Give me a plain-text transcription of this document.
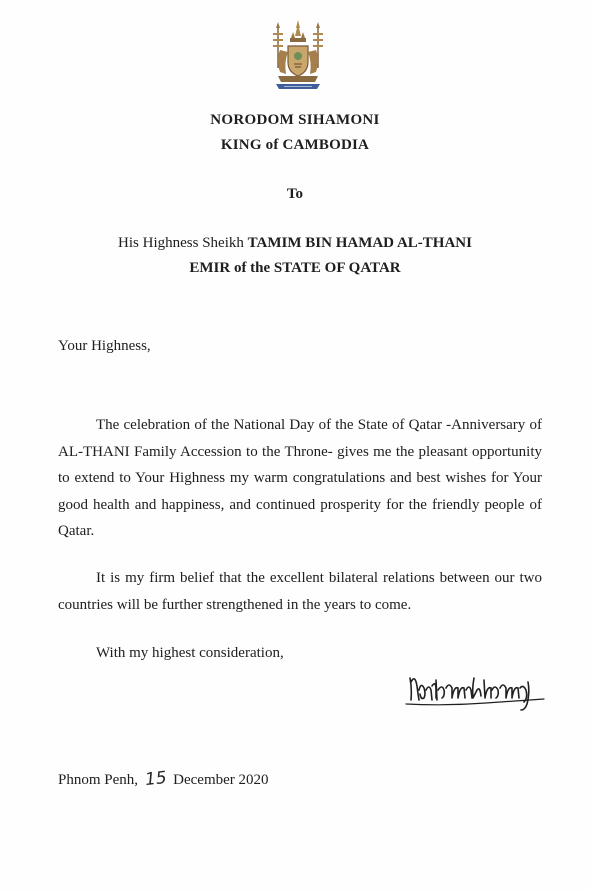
NORODOM SIHAMONI
KING of CAMBODIA
To
His Highness Sheikh TAMIM BIN HAMAD AL-THANI
EMIR of the STATE OF QATAR
Your Highness,
The celebration of the National Day of the State of Qatar -Anniversary of AL-THANI Family Accession to the Throne- gives me the pleasant opportunity to extend to Your Highness my warm congratulations and best wishes for Your good health and happiness, and continued prosperity for the friendly people of Qatar.
It is my firm belief that the excellent bilateral relations between our two countries will be further strengthened in the years to come.
With my highest consideration,
Phnom Penh, 15 December 2020
